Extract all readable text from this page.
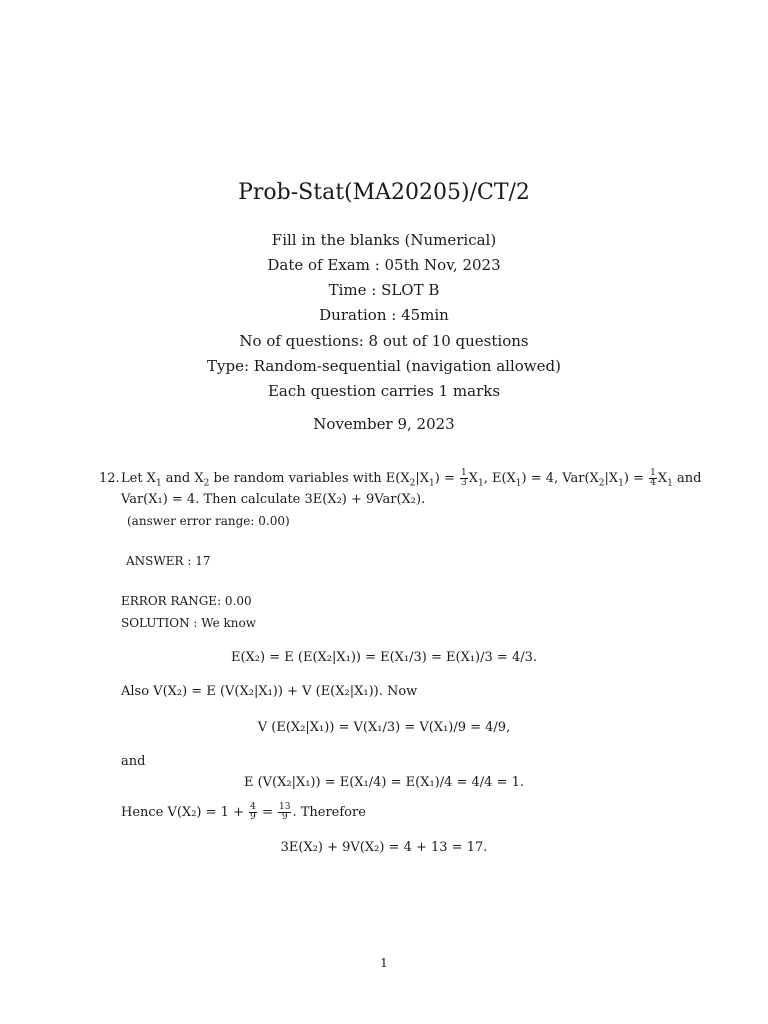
Prob-Stat(MA20205)/CT/2
Fill in the blanks (Numerical)
Date of Exam : 05th Nov, 2023
Time : SLOT B
Duration : 45min
No of questions: 8 out of 10 questions
Type: Random-sequential (navigation allowed)
Each question carries 1 marks
November 9, 2023
12. Let $X_1$ and $X_2$ be random variables with $E(X_2|X_1) = \frac{1}{3} X_1$, $E(X_1) = 4$, $Var(X_2|X_1) = \frac{1}{4} X_1$ and
Var(X₁) = 4. Then calculate 3E(X₂) + 9Var(X₂).
(answer error range: 0.00)
ANSWER : 17
ERROR RANGE: 0.00
SOLUTION : We know
E(X₂) = E (E(X₂|X₁)) = E(X₁/3) = E(X₁)/3 = 4/3.
Also V(X₂) = E (V(X₂|X₁)) + V (E(X₂|X₁)). Now
V (E(X₂|X₁)) = V(X₁/3) = V(X₁)/9 = 4/9,
and
E (V(X₂|X₁)) = E(X₁/4) = E(X₁)/4 = 4/4 = 1.
Hence $V(X_2) = 1 + \frac{4}{9} = \frac{13}{9}$ . Therefore
3E(X₂) + 9V(X₂) = 4 + 13 = 17.
1
